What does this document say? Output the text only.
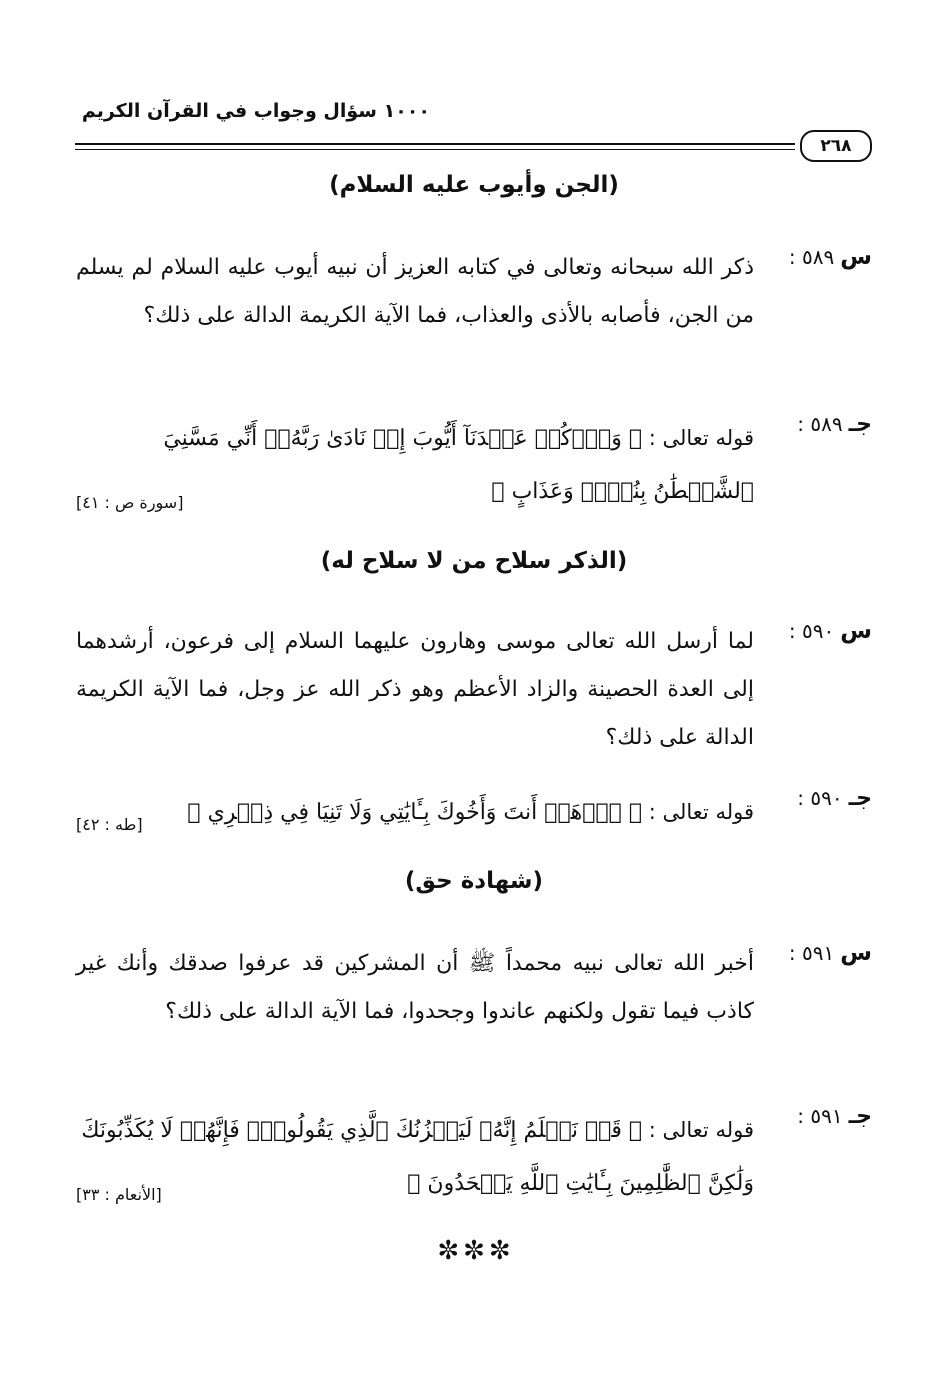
١٠٠٠ سؤال وجواب في القرآن الكريم
٢٦٨
(الجن وأيوب عليه السلام)
س٥٨٩ :
ذكر الله سبحانه وتعالى في كتابه العزيز أن نبيه أيوب عليه السلام لم يسلم من الجن، فأصابه بالأذى والعذاب، فما الآية الكريمة الدالة على ذلك؟
جـ٥٨٩ :
قوله تعالى : ﴿ وَٱذۡكُرۡ عَبۡدَنَآ أَيُّوبَ إِذۡ نَادَىٰ رَبَّهُۥٓ أَنِّي مَسَّنِيَ ٱلشَّيۡطَٰنُ بِنُصۡبٖ وَعَذَابٍ ﴾
[سورة ص : ٤١]
(الذكر سلاح من لا سلاح له)
س٥٩٠ :
لما أرسل الله تعالى موسى وهارون عليهما السلام إلى فرعون، أرشدهما إلى العدة الحصينة والزاد الأعظم وهو ذكر الله عز وجل، فما الآية الكريمة الدالة على ذلك؟
جـ٥٩٠ :
قوله تعالى : ﴿ ٱذۡهَبۡ أَنتَ وَأَخُوكَ بِـَٔايَٰتِي وَلَا تَنِيَا فِي ذِكۡرِي ﴾
[طه : ٤٢]
(شهادة حق)
س٥٩١ :
أخبر الله تعالى نبيه محمداً ﷺ أن المشركين قد عرفوا صدقك وأنك غير كاذب فيما تقول ولكنهم عاندوا وجحدوا، فما الآية الدالة على ذلك؟
جـ٥٩١ :
قوله تعالى : ﴿ قَدۡ نَعۡلَمُ إِنَّهُۥ لَيَحۡزُنُكَ ٱلَّذِي يَقُولُونَۖ فَإِنَّهُمۡ لَا يُكَذِّبُونَكَ وَلَٰكِنَّ ٱلظَّٰلِمِينَ بِـَٔايَٰتِ ٱللَّهِ يَجۡحَدُونَ ﴾
[الأنعام : ٣٣]
✼✼✼
